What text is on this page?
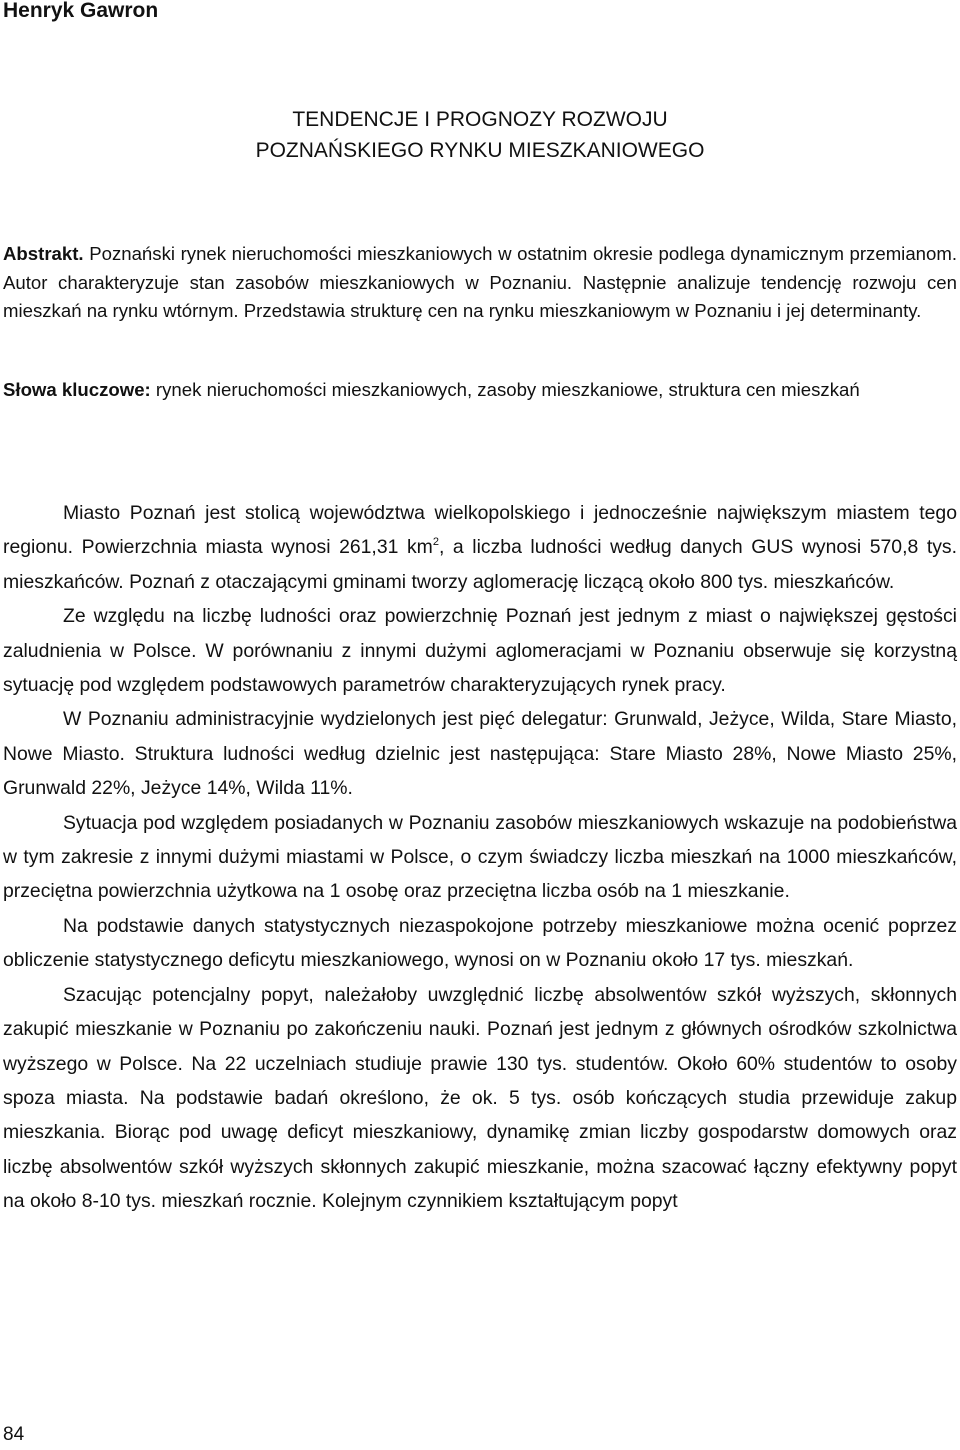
Henryk Gawron

TENDENCJE I PROGNOZY ROZWOJU
POZNAŃSKIEGO RYNKU MIESZKANIOWEGO

Abstrakt. Poznański rynek nieruchomości mieszkaniowych w ostatnim okresie podlega dynamicznym przemianom. Autor charakteryzuje stan zasobów mieszkaniowych w Poznaniu. Następnie analizuje tendencję rozwoju cen mieszkań na rynku wtórnym. Przedstawia strukturę cen na rynku mieszkaniowym w Poznaniu i jej determinanty.

Słowa kluczowe: rynek nieruchomości mieszkaniowych, zasoby mieszkaniowe, struktura cen mieszkań

Miasto Poznań jest stolicą województwa wielkopolskiego i jednocześnie największym miastem tego regionu. Powierzchnia miasta wynosi 261,31 $km^2$, a liczba ludności według danych GUS wynosi 570,8 tys. mieszkańców. Poznań z otaczającymi gminami tworzy aglomerację liczącą około 800 tys. mieszkańców.

Ze względu na liczbę ludności oraz powierzchnię Poznań jest jednym z miast o największej gęstości zaludnienia w Polsce. W porównaniu z innymi dużymi aglomeracjami w Poznaniu obserwuje się korzystną sytuację pod względem podstawowych parametrów charakteryzujących rynek pracy.

W Poznaniu administracyjnie wydzielonych jest pięć delegatur: Grunwald, Jeżyce, Wilda, Stare Miasto, Nowe Miasto. Struktura ludności według dzielnic jest następująca: Stare Miasto 28%, Nowe Miasto 25%, Grunwald 22%, Jeżyce 14%, Wilda 11%.

Sytuacja pod względem posiadanych w Poznaniu zasobów mieszkaniowych wskazuje na podobieństwa w tym zakresie z innymi dużymi miastami w Polsce, o czym świadczy liczba mieszkań na 1000 mieszkańców, przeciętna powierzchnia użytkowa na 1 osobę oraz przeciętna liczba osób na 1 mieszkanie.

Na podstawie danych statystycznych niezaspokojone potrzeby mieszkaniowe można ocenić poprzez obliczenie statystycznego deficytu mieszkaniowego, wynosi on w Poznaniu około 17 tys. mieszkań.

Szacując potencjalny popyt, należałoby uwzględnić liczbę absolwentów szkół wyższych, skłonnych zakupić mieszkanie w Poznaniu po zakończeniu nauki. Poznań jest jednym z głównych ośrodków szkolnictwa wyższego w Polsce. Na 22 uczelniach studiuje prawie 130 tys. studentów. Około 60% studentów to osoby spoza miasta. Na podstawie badań określono, że ok. 5 tys. osób kończących studia przewiduje zakup mieszkania. Biorąc pod uwagę deficyt mieszkaniowy, dynamikę zmian liczby gospodarstw domowych oraz liczbę absolwentów szkół wyższych skłonnych zakupić mieszkanie, można szacować łączny efektywny popyt na około 8-10 tys. mieszkań rocznie. Kolejnym czynnikiem kształtującym popyt

84
